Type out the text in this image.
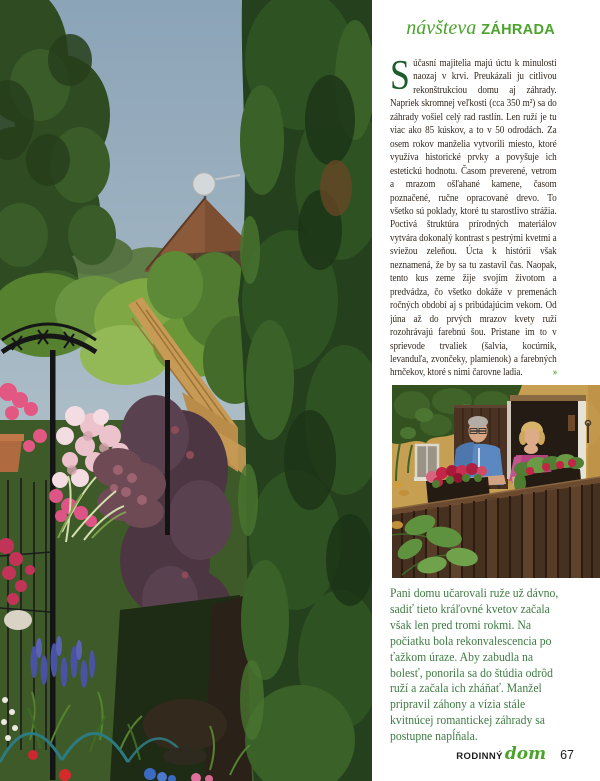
návšteva ZÁHRADA
Súčasní majitelia majú úctu k minulosti naozaj v krvi. Preukázali ju citlivou rekonštrukciou domu aj záhrady. Napriek skromnej veľkosti (cca 350 m²) sa do záhrady vošiel celý rad rastlín. Len ruží je tu viac ako 85 kúskov, a to v 50 odrodách. Za osem rokov manželia vytvorili miesto, ktoré využíva historické prvky a povyšuje ich estetickú hodnotu. Časom preverené, vetrom a mrazom ošľahané kamene, časom poznačené, ručne opracované drevo. To všetko sú poklady, ktoré tu starostlivo strážia. Poctivá štruktúra prírodných materiálov vytvára dokonalý kontrast s pestrými kvetmi a sviežou zeleňou. Úcta k histórii však neznamená, že by sa tu zastavil čas. Naopak, tento kus zeme žije svojím životom a predvádza, čo všetko dokáže v premenách ročných období aj s pribúdajúcim vekom. Od júna až do prvých mrazov kvety ruží rozohrávajú farebnú šou. Pristane im to v sprievode trvaliek (šalvia, kocúrnik, levanduľa, zvončeky, plamienok) a farebných hrnčekov, ktoré s nimi čarovne ladia.	»
Pani domu učarovali ruže už dávno, sadiť tieto kráľovné kvetov začala však len pred tromi rokmi. Na počiatku bola rekonvalescencia po ťažkom úraze. Aby zabudla na bolesť, ponorila sa do štúdia odrôd ruží a začala ich zháňať. Manžel pripravil záhony a vízia stále kvitnúcej romantickej záhrady sa postupne napĺňala.
RODINNÝ dom 67
